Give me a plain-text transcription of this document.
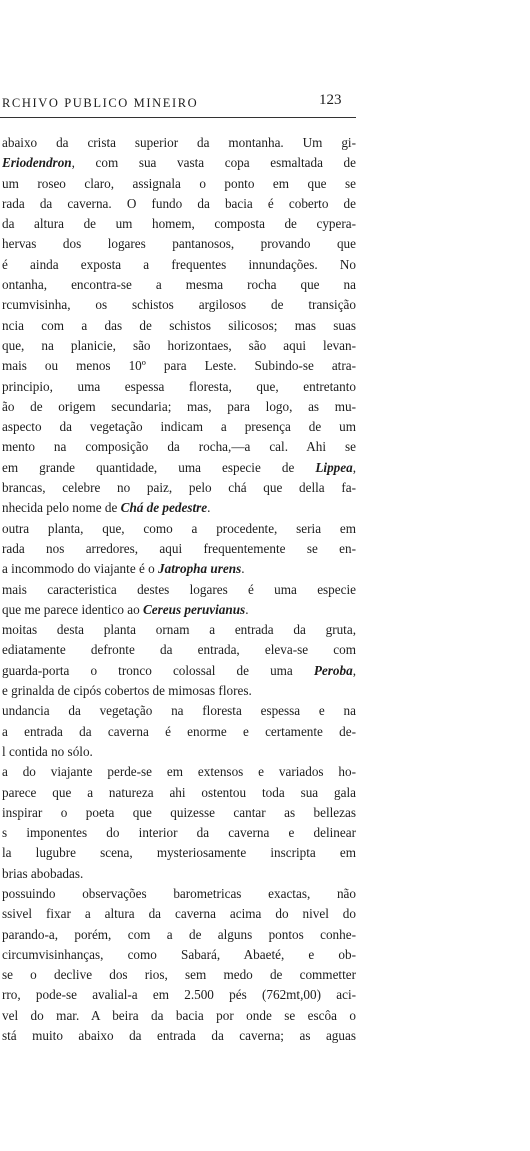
RCHIVO PUBLICO MINEIRO	123
abaixo da crista superior da montanha. Um gi-
Eriodendron, com sua vasta copa esmaltada de
um roseo claro, assignala o ponto em que se
rada da caverna. O fundo da bacia é coberto de
da altura de um homem, composta de cypera-
hervas dos logares pantanosos, provando que
é ainda exposta a frequentes innundações. No
ontanha, encontra-se a mesma rocha que na
rcumvisinha, os schistos argilosos de transição
ncia com a das de schistos silicosos; mas suas
que, na planicie, são horizontaes, são aqui levan-
mais ou menos 10º para Leste. Subindo-se atra-
principio, uma espessa floresta, que, entretanto
ão de origem secundaria; mas, para logo, as mu-
aspecto da vegetação indicam a presença de um
mento na composição da rocha,—a cal. Ahi se
em grande quantidade, uma especie de Lippea,
brancas, celebre no paiz, pelo chá que della fa-
nhecida pelo nome de Chá de pedestre.
outra planta, que, como a procedente, seria em
rada nos arredores, aqui frequentemente se en-
a incommodo do viajante é o Jatropha urens.
mais caracteristica destes logares é uma especie
que me parece identico ao Cereus peruvianus.
moitas desta planta ornam a entrada da gruta,
ediatamente defronte da entrada, eleva-se com
guarda-porta o tronco colossal de uma Peroba,
e grinalda de cipós cobertos de mimosas flores.
undancia da vegetação na floresta espessa e na
a entrada da caverna é enorme e certamente de-
l contida no sólo.
a do viajante perde-se em extensos e variados ho-
parece que a natureza ahi ostentou toda sua gala
inspirar o poeta que quizesse cantar as bellezas
s imponentes do interior da caverna e delinear
la lugubre scena, mysteriosamente inscripta em
brias abobadas.
possuindo observações barometricas exactas, não
ssivel fixar a altura da caverna acima do nivel do
parando-a, porém, com a de alguns pontos conhe-
circumvisinhanças, como Sabará, Abaeté, e ob-
se o declive dos rios, sem medo de commetter
rro, pode-se avalial-a em 2.500 pés (762mt,00) aci-
vel do mar. A beira da bacia por onde se escôa o
stá muito abaixo da entrada da caverna; as aguas
